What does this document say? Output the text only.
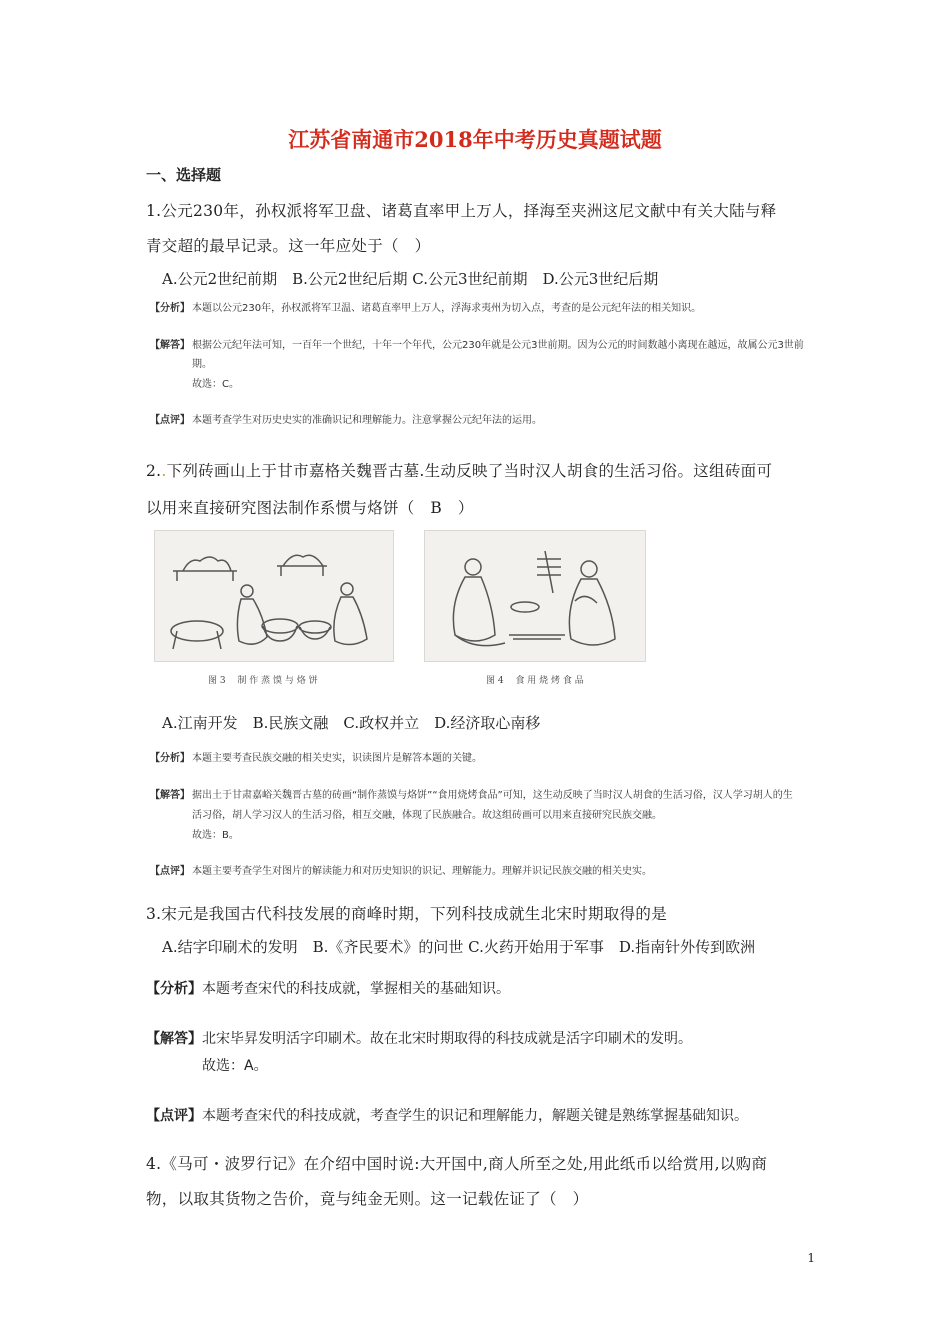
江苏省南通市2018年中考历史真题试题
一、选择题
1.公元230年，孙权派将军卫盘、诸葛直率甲上万人，择海至夹洲这尼文献中有关大陆与释
青交超的最早记录。这一年应处于（　）
A.公元2世纪前期　B.公元2世纪后期 C.公元3世纪前期　D.公元3世纪后期
【分析】 本题以公元230年，孙权派将军卫温、诸葛直率甲上万人，浮海求夷州为切入点，考查的是公元纪年法的相关知识。
【解答】 根据公元纪年法可知，一百年一个世纪，十年一个年代，公元230年就是公元3世前期。因为公元的时间数越小离现在越远，故属公元3世前
期。
故选：C。
【点评】 本题考查学生对历史史实的准确识记和理解能力。注意掌握公元纪年法的运用。
2..下列砖画山上于甘市嘉格关魏晋古墓.生动反映了当时汉人胡食的生活习俗。这组砖面可
以用来直接研究图法制作系惯与烙饼（　B　）
图 3　 制 作 蒸 馍 与 烙 饼	图 4　 食 用 烧 烤 食 品
A.江南开发　B.民族文融　C.政权并立　D.经济取心南移
【分析】 本题主要考查民族交融的相关史实，识读图片是解答本题的关键。
【解答】 据出土于甘肃嘉峪关魏晋古墓的砖画“制作蒸馍与烙饼”“食用烧烤食品”可知，这生动反映了当时汉人胡食的生活习俗，汉人学习胡人的生
活习俗，胡人学习汉人的生活习俗，相互交融，体现了民族融合。故这组砖画可以用来直接研究民族交融。
故选：B。
【点评】 本题主要考查学生对图片的解读能力和对历史知识的识记、理解能力。理解并识记民族交融的相关史实。
3.宋元是我国古代科技发展的商峰时期，下列科技成就生北宋时期取得的是
A.结字印刷术的发明　B.《齐民要术》的问世 C.火药开始用于军事　D.指南针外传到欧洲
【分析】本题考查宋代的科技成就，掌握相关的基础知识。
【解答】北宋毕昇发明活字印刷术。故在北宋时期取得的科技成就是活字印刷术的发明。
故选：A。
【点评】本题考查宋代的科技成就，考查学生的识记和理解能力，解题关键是熟练掌握基础知识。
4.《马可・波罗行记》在介绍中国时说:大开国中,商人所至之处,用此纸币以给赏用,以购商
物，以取其货物之告价，竟与纯金无则。这一记载佐证了（　）
1
